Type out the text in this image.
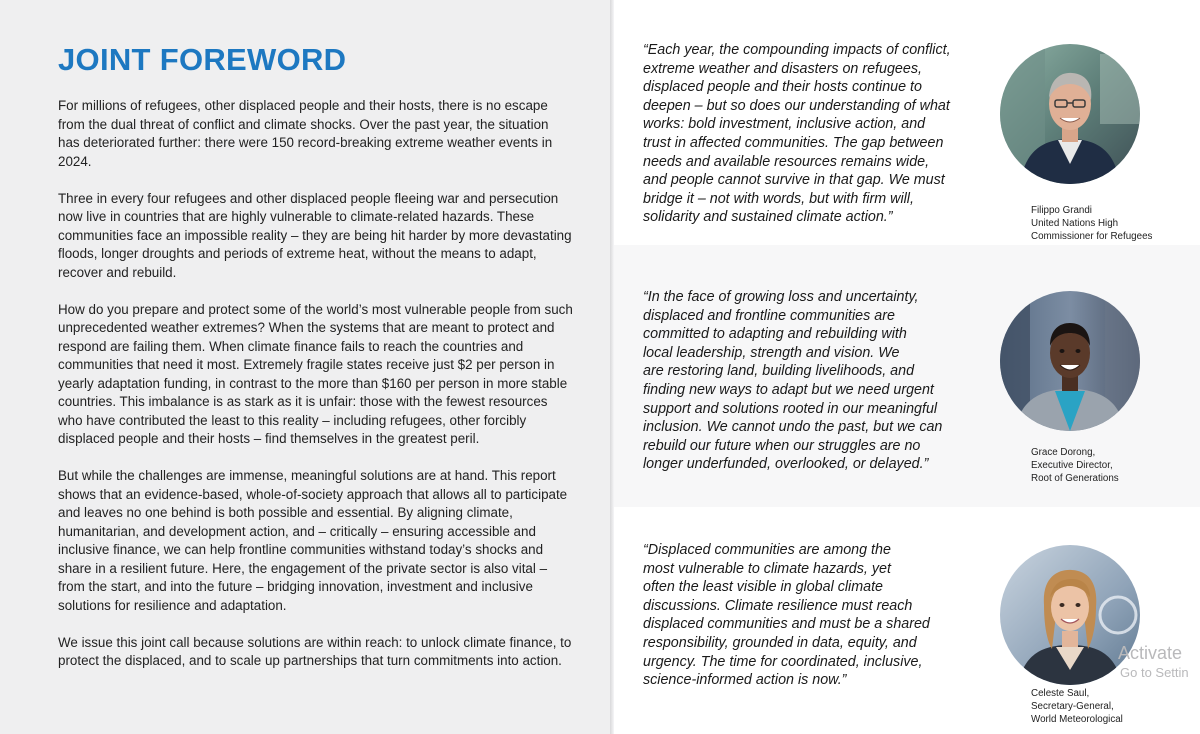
JOINT FOREWORD

For millions of refugees, other displaced people and their hosts, there is no escape from the dual threat of conflict and climate shocks. Over the past year, the situation has deteriorated further: there were 150 record-breaking extreme weather events in 2024.

Three in every four refugees and other displaced people fleeing war and persecution now live in countries that are highly vulnerable to climate-related hazards. These communities face an impossible reality – they are being hit harder by more devastating floods, longer droughts and periods of extreme heat, without the means to adapt, recover and rebuild.

How do you prepare and protect some of the world’s most vulnerable people from such unprecedented weather extremes? When the systems that are meant to protect and respond are failing them. When climate finance fails to reach the countries and communities that need it most. Extremely fragile states receive just $2 per person in yearly adaptation funding, in contrast to the more than $160 per person in more stable countries. This imbalance is as stark as it is unfair: those with the fewest resources who have contributed the least to this reality – including refugees, other forcibly displaced people and their hosts – find themselves in the greatest peril.

But while the challenges are immense, meaningful solutions are at hand. This report shows that an evidence-based, whole-of-society approach that allows all to participate and leaves no one behind is both possible and essential. By aligning climate, humanitarian, and development action, and – critically – ensuring accessible and inclusive finance, we can help frontline communities withstand today’s shocks and share in a resilient future. Here, the engagement of the private sector is also vital – from the start, and into the future – bridging innovation, investment and inclusive solutions for resilience and adaptation.

We issue this joint call because solutions are within reach: to unlock climate finance, to protect the displaced, and to scale up partnerships that turn commitments into action.

“Each year, the compounding impacts of conflict,
extreme weather and disasters on refugees,
displaced people and their hosts continue to
deepen – but so does our understanding of what
works: bold investment, inclusive action, and
trust in affected communities. The gap between
needs and available resources remains wide,
and people cannot survive in that gap. We must
bridge it – not with words, but with firm will,
solidarity and sustained climate action.”	Filippo Grandi
United Nations High
Commissioner for Refugees
“In the face of growing loss and uncertainty,
displaced and frontline communities are
committed to adapting and rebuilding with
local leadership, strength and vision. We
are restoring land, building livelihoods, and
finding new ways to adapt but we need urgent
support and solutions rooted in our meaningful
inclusion. We cannot undo the past, but we can
rebuild our future when our struggles are no
longer underfunded, overlooked, or delayed.”
Grace Dorong,
Executive Director,
Root of Generations
“Displaced communities are among the
most vulnerable to climate hazards, yet
often the least visible in global climate
discussions. Climate resilience must reach
displaced communities and must be a shared
responsibility, grounded in data, equity, and
urgency. The time for coordinated, inclusive,
science-informed action is now.”
Celeste Saul,
Secretary-General,
World Meteorological
Activate
Go to Settin
